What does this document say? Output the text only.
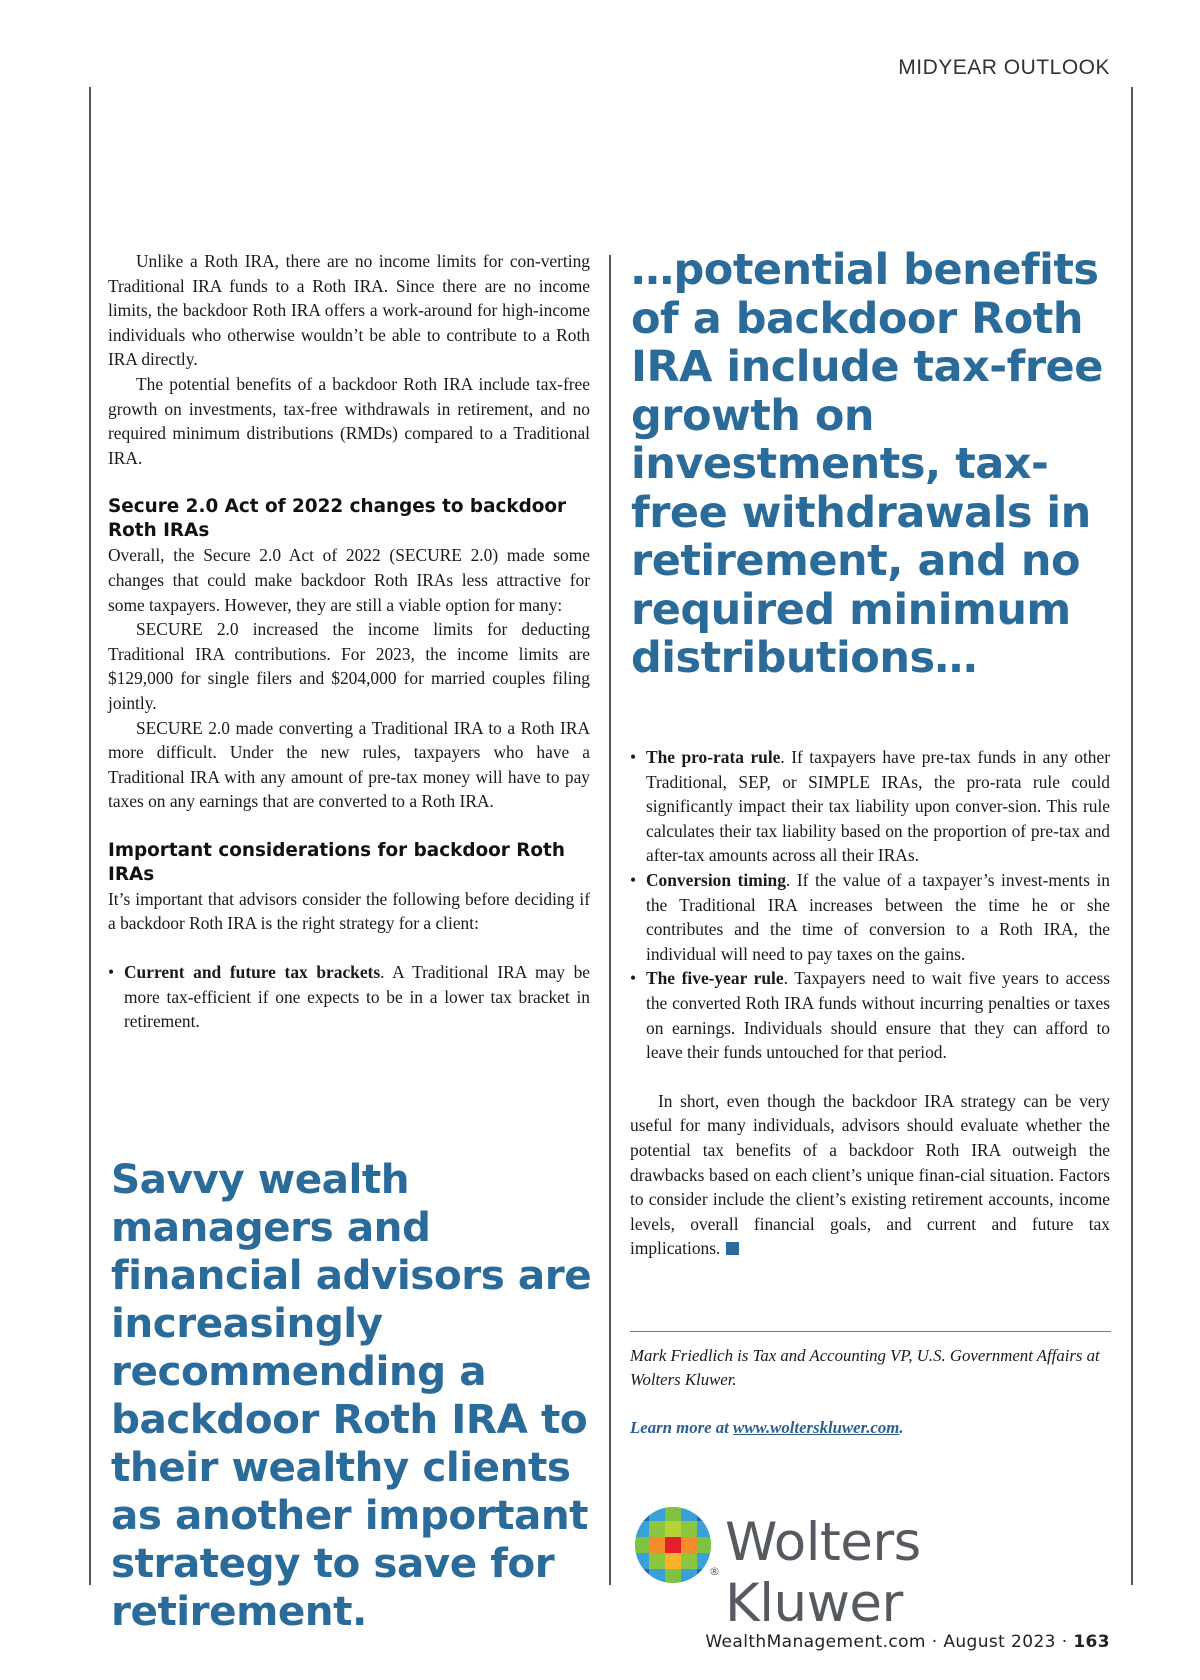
MIDYEAR OUTLOOK

Unlike a Roth IRA, there are no income limits for con-verting Traditional IRA funds to a Roth IRA. Since there are no income limits, the backdoor Roth IRA offers a work-around for high-income individuals who otherwise wouldn’t be able to contribute to a Roth IRA directly.

The potential benefits of a backdoor Roth IRA include tax-free growth on investments, tax-free withdrawals in retirement, and no required minimum distributions (RMDs) compared to a Traditional IRA.

Secure 2.0 Act of 2022 changes to backdoor Roth IRAs

Overall, the Secure 2.0 Act of 2022 (SECURE 2.0) made some changes that could make backdoor Roth IRAs less attractive for some taxpayers. However, they are still a viable option for many:

SECURE 2.0 increased the income limits for deducting Traditional IRA contributions. For 2023, the income limits are $129,000 for single filers and $204,000 for married couples filing jointly.

SECURE 2.0 made converting a Traditional IRA to a Roth IRA more difficult. Under the new rules, taxpayers who have a Traditional IRA with any amount of pre-tax money will have to pay taxes on any earnings that are converted to a Roth IRA.

Important considerations for backdoor Roth IRAs

It’s important that advisors consider the following before deciding if a backdoor Roth IRA is the right strategy for a client:

• Current and future tax brackets. A Traditional IRA may be more tax-efficient if one expects to be in a lower tax bracket in retirement.

Savvy wealth managers and financial advisors are increasingly recommending a backdoor Roth IRA to their wealthy clients as another important strategy to save for retirement.

…potential benefits of a backdoor Roth IRA include tax-free growth on investments, tax-free withdrawals in retirement, and no required minimum distributions…

• The pro-rata rule. If taxpayers have pre-tax funds in any other Traditional, SEP, or SIMPLE IRAs, the pro-rata rule could significantly impact their tax liability upon conver-sion. This rule calculates their tax liability based on the proportion of pre-tax and after-tax amounts across all their IRAs.
• Conversion timing. If the value of a taxpayer’s invest-ments in the Traditional IRA increases between the time he or she contributes and the time of conversion to a Roth IRA, the individual will need to pay taxes on the gains.
• The five-year rule. Taxpayers need to wait five years to access the converted Roth IRA funds without incurring penalties or taxes on earnings. Individuals should ensure that they can afford to leave their funds untouched for that period.

In short, even though the backdoor IRA strategy can be very useful for many individuals, advisors should evaluate whether the potential tax benefits of a backdoor Roth IRA outweigh the drawbacks based on each client’s unique finan-cial situation. Factors to consider include the client’s existing retirement accounts, income levels, overall financial goals, and current and future tax implications.

Mark Friedlich is Tax and Accounting VP, U.S. Government Affairs at Wolters Kluwer.

Learn more at www.wolterskluwer.com.

® Wolters Kluwer
WealthManagement.com · August 2023 · 163
